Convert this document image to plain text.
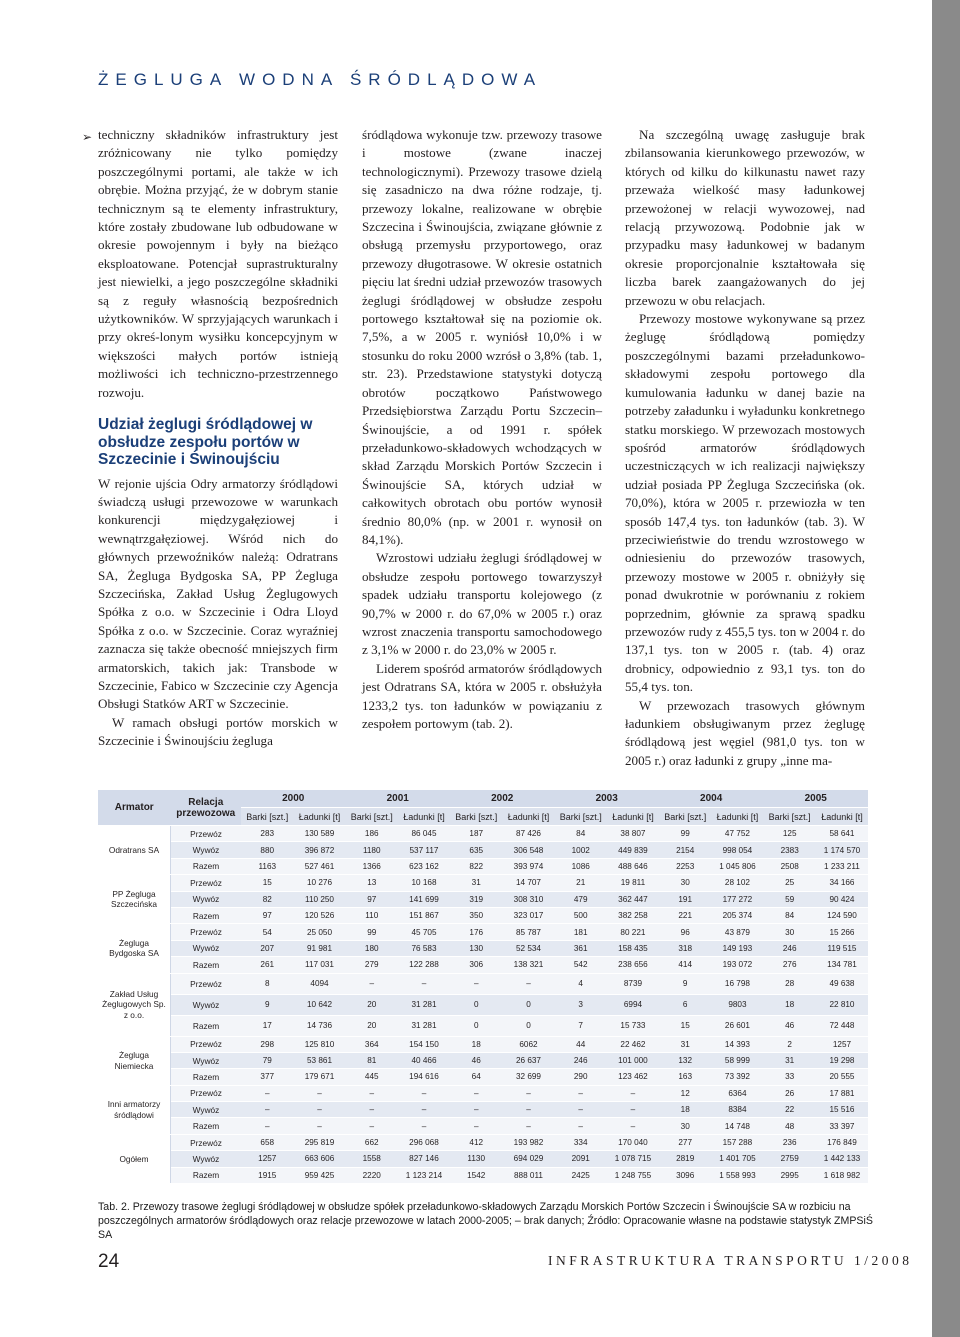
ŻEGLUGA WODNA ŚRÓDLĄDOWA
➢ techniczny składników infrastruktury jest zróżnicowany nie tylko pomiędzy poszczególnymi portami, ale także w ich obrębie. Można przyjąć, że w dobrym stanie technicznym są te elementy infrastruktury, które zostały zbudowane lub odbudowane w okresie powojennym i były na bieżąco eksploatowane. Potencjał suprastrukturalny jest niewielki, a jego poszczególne składniki są z reguły własnością bezpośrednich użytkowników. W sprzyjających warunkach i przy okreś-lonym wysiłku koncepcyjnym w większości małych portów istnieją możliwości ich techniczno-przestrzennego rozwoju.

Udział żeglugi śródlądowej w obsłudze zespołu portów w Szczecinie i Świnoujściu

W rejonie ujścia Odry armatorzy śródlądowi świadczą usługi przewozowe w warunkach konkurencji międzygałęziowej i wewnątrzgałęziowej. Wśród nich do głównych przewoźników należą: Odratrans SA, Żegluga Bydgoska SA, PP Żegluga Szczecińska, Zakład Usług Żeglugowych Spółka z o.o. w Szczecinie i Odra Lloyd Spółka z o.o. w Szczecinie. Coraz wyraźniej zaznacza się także obecność mniejszych firm armatorskich, takich jak: Transbode w Szczecinie, Fabico w Szczecinie czy Agencja Obsługi Statków ART w Szczecinie.

W ramach obsługi portów morskich w Szczecinie i Świnoujściu żegluga

śródlądowa wykonuje tzw. przewozy trasowe i mostowe (zwane inaczej technologicznymi). Przewozy trasowe dzielą się zasadniczo na dwa różne rodzaje, tj. przewozy lokalne, realizowane w obrębie Szczecina i Świnoujścia, związane głównie z obsługą przemysłu przyportowego, oraz przewozy długotrasowe. W okresie ostatnich pięciu lat średni udział przewozów trasowych żeglugi śródlądowej w obsłudze zespołu portowego kształtował się na poziomie ok. 7,5%, a w 2005 r. wyniósł 10,0% i w stosunku do roku 2000 wzrósł o 3,8% (tab. 1, str. 23). Przedstawione statystyki dotyczą obrotów początkowo Państwowego Przedsiębiorstwa Zarządu Portu Szczecin–Świnoujście, a od 1991 r. spółek przeładunkowo-składowych wchodzących w skład Zarządu Morskich Portów Szczecin i Świnoujście SA, których udział w całkowitych obrotach obu portów wynosił średnio 80,0% (np. w 2001 r. wynosił on 84,1%).

Wzrostowi udziału żeglugi śródlądowej w obsłudze zespołu portowego towarzyszył spadek udziału transportu kolejowego (z 90,7% w 2000 r. do 67,0% w 2005 r.) oraz wzrost znaczenia transportu samochodowego z 3,1% w 2000 r. do 23,0% w 2005 r.

Liderem spośród armatorów śródlądowych jest Odratrans SA, która w 2005 r. obsłużyła 1233,2 tys. ton ładunków w powiązaniu z zespołem portowym (tab. 2).

Na szczególną uwagę zasługuje brak zbilansowania kierunkowego przewozów, w których od kilku do kilkunastu nawet razy przeważa wielkość masy ładunkowej przewożonej w relacji wywozowej, nad relacją przywozową. Podobnie jak w przypadku masy ładunkowej w badanym okresie proporcjonalnie kształtowała się liczba barek zaangażowanych do jej przewozu w obu relacjach.

Przewozy mostowe wykonywane są przez żeglugę śródlądową pomiędzy poszczególnymi bazami przeładunkowo-składowymi zespołu portowego dla kumulowania ładunku w danej bazie na potrzeby załadunku i wyładunku konkretnego statku morskiego. W przewozach mostowych spośród armatorów śródlądowych uczestniczących w ich realizacji największy udział posiada PP Żegluga Szczecińska (ok. 70,0%), która w 2005 r. przewiozła w ten sposób 147,4 tys. ton ładunków (tab. 3). W przeciwieństwie do trendu wzrostowego w odniesieniu do przewozów trasowych, przewozy mostowe w 2005 r. obniżyły się ponad dwukrotnie w porównaniu z rokiem poprzednim, głównie za sprawą spadku przewozów rudy z 455,5 tys. ton w 2004 r. do 137,1 tys. ton w 2005 r. (tab. 4) oraz drobnicy, odpowiednio z 93,1 tys. ton do 55,4 tys. ton.

W przewozach trasowych głównym ładunkiem obsługiwanym przez żeglugę śródlądową jest węgiel (981,0 tys. ton w 2005 r.) oraz ładunki z grupy „inne ma-

Armator	Relacja przewozowa	2000		2001		2002		2003		2004		2005	
		Barki [szt.]	Ładunki [t]	Barki [szt.]	Ładunki [t]	Barki [szt.]	Ładunki [t]	Barki [szt.]	Ładunki [t]	Barki [szt.]	Ładunki [t]	Barki [szt.]	Ładunki [t]
Odratrans SA	Przewóz	283	130 589	186	86 045	187	87 426	84	38 807	99	47 752	125	58 641
	Wywóz	880	396 872	1180	537 117	635	306 548	1002	449 839	2154	998 054	2383	1 174 570
	Razem	1163	527 461	1366	623 162	822	393 974	1086	488 646	2253	1 045 806	2508	1 233 211
PP Żegluga Szczecińska	Przewóz	15	10 276	13	10 168	31	14 707	21	19 811	30	28 102	25	34 166
	Wywóz	82	110 250	97	141 699	319	308 310	479	362 447	191	177 272	59	90 424
	Razem	97	120 526	110	151 867	350	323 017	500	382 258	221	205 374	84	124 590
Żegluga Bydgoska SA	Przewóz	54	25 050	99	45 705	176	85 787	181	80 221	96	43 879	30	15 266
	Wywóz	207	91 981	180	76 583	130	52 534	361	158 435	318	149 193	246	119 515
	Razem	261	117 031	279	122 288	306	138 321	542	238 656	414	193 072	276	134 781
Zakład Usług Żeglugowych Sp. z o.o.	Przewóz	8	4094	–	–	–	–	4	8739	9	16 798	28	49 638
	Wywóz	9	10 642	20	31 281	0	0	3	6994	6	9803	18	22 810
	Razem	17	14 736	20	31 281	0	0	7	15 733	15	26 601	46	72 448
Żegluga Niemiecka	Przewóz	298	125 810	364	154 150	18	6062	44	22 462	31	14 393	2	1257
	Wywóz	79	53 861	81	40 466	46	26 637	246	101 000	132	58 999	31	19 298
	Razem	377	179 671	445	194 616	64	32 699	290	123 462	163	73 392	33	20 555
Inni armatorzy śródlądowi	Przewóz	–	–	–	–	–	–	–	–	12	6364	26	17 881
	Wywóz	–	–	–	–	–	–	–	–	18	8384	22	15 516
	Razem	–	–	–	–	–	–	–	–	30	14 748	48	33 397
Ogółem	Przewóz	658	295 819	662	296 068	412	193 982	334	170 040	277	157 288	236	176 849
	Wywóz	1257	663 606	1558	827 146	1130	694 029	2091	1 078 715	2819	1 401 705	2759	1 442 133
	Razem	1915	959 425	2220	1 123 214	1542	888 011	2425	1 248 755	3096	1 558 993	2995	1 618 982
Tab. 2. Przewozy trasowe żeglugi śródlądowej w obsłudze spółek przeładunkowo-składowych Zarządu Morskich Portów Szczecin i Świnoujście SA w rozbiciu na poszczególnych armatorów śródlądowych oraz relacje przewozowe w latach 2000-2005; – brak danych; Źródło: Opracowanie własne na podstawie statystyk ZMPSiŚ SA
24	INFRASTRUKTURA TRANSPORTU 1/2008
